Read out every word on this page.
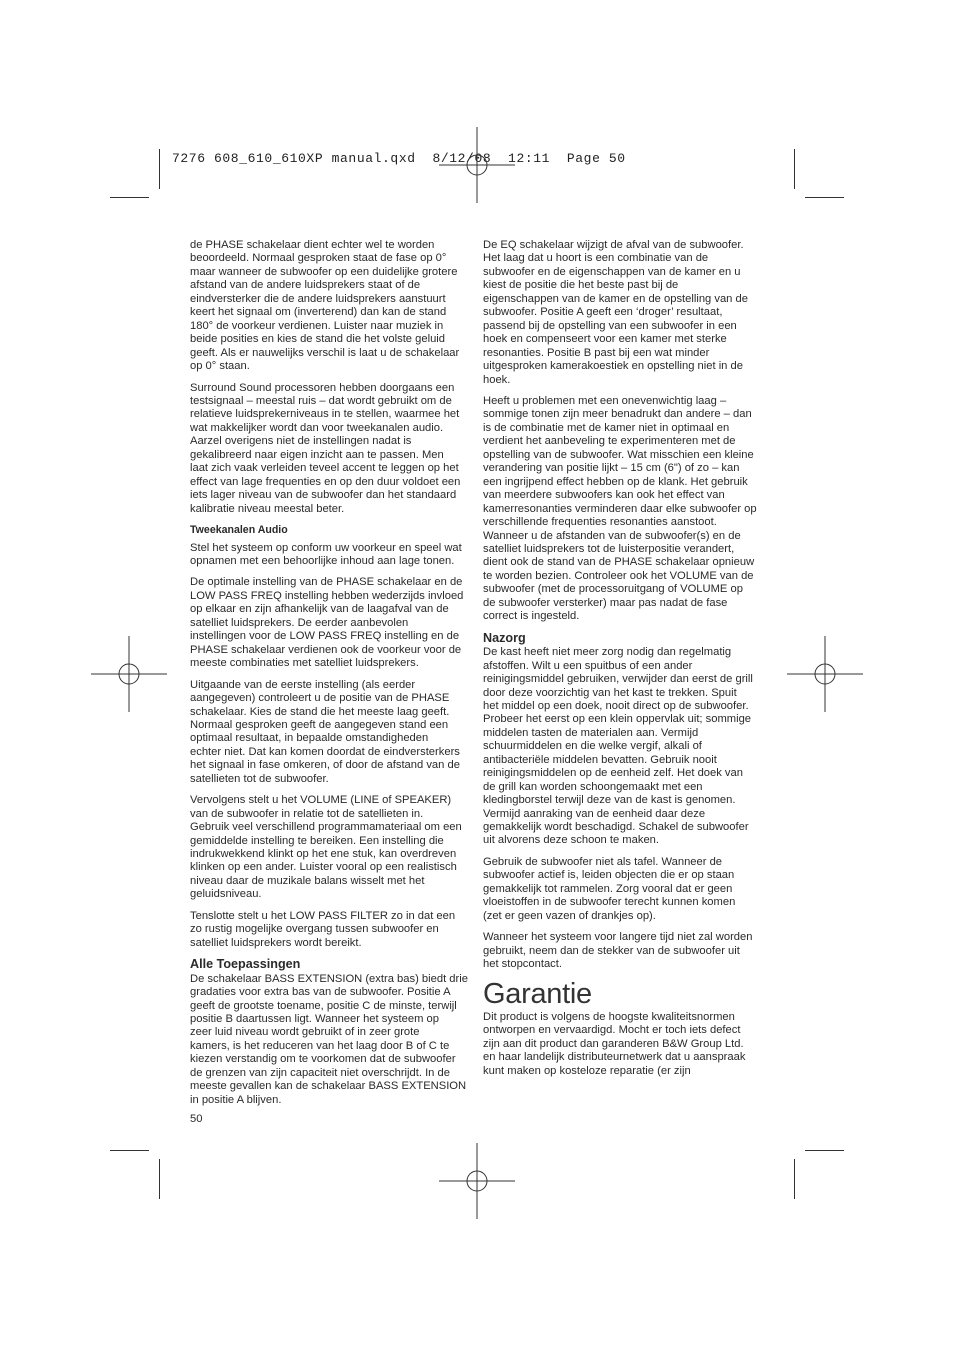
7276 608_610_610XP manual.qxd  8/12/08  12:11  Page 50

de PHASE schakelaar dient echter wel te worden
beoordeeld. Normaal gesproken staat de fase op 0°
maar wanneer de subwoofer op een duidelijke grotere
afstand van de andere luidsprekers staat of de
eindversterker die de andere luidsprekers aanstuurt
keert het signaal om (inverterend) dan kan de stand
180° de voorkeur verdienen. Luister naar muziek in
beide posities en kies de stand die het volste geluid
geeft. Als er nauwelijks verschil is laat u de schakelaar
op 0° staan.

Surround Sound processoren hebben doorgaans een
testsignaal – meestal ruis – dat wordt gebruikt om de
relatieve luidsprekerniveaus in te stellen, waarmee het
wat makkelijker wordt dan voor tweekanalen audio.
Aarzel overigens niet de instellingen nadat is
gekalibreerd naar eigen inzicht aan te passen. Men
laat zich vaak verleiden teveel accent te leggen op het
effect van lage frequenties en op den duur voldoet een
iets lager niveau van de subwoofer dan het standaard
kalibratie niveau meestal beter.

Tweekanalen Audio

Stel het systeem op conform uw voorkeur en speel wat
opnamen met een behoorlijke inhoud aan lage tonen.

De optimale instelling van de PHASE schakelaar en de
LOW PASS FREQ instelling hebben wederzijds invloed
op elkaar en zijn afhankelijk van de laagafval van de
satelliet luidsprekers. De eerder aanbevolen
instellingen voor de LOW PASS FREQ instelling en de
PHASE schakelaar verdienen ook de voorkeur voor de
meeste combinaties met satelliet luidsprekers.

Uitgaande van de eerste instelling (als eerder
aangegeven) controleert u de positie van de PHASE
schakelaar. Kies de stand die het meeste laag geeft.
Normaal gesproken geeft de aangegeven stand een
optimaal resultaat, in bepaalde omstandigheden
echter niet. Dat kan komen doordat de eindversterkers
het signaal in fase omkeren, of door de afstand van de
satellieten tot de subwoofer.

Vervolgens stelt u het VOLUME (LINE of SPEAKER)
van de subwoofer in relatie tot de satellieten in.
Gebruik veel verschillend programmamateriaal om een
gemiddelde instelling te bereiken. Een instelling die
indrukwekkend klinkt op het ene stuk, kan overdreven
klinken op een ander. Luister vooral op een realistisch
niveau daar de muzikale balans wisselt met het
geluidsniveau.

Tenslotte stelt u het LOW PASS FILTER zo in dat een
zo rustig mogelijke overgang tussen subwoofer en
satelliet luidsprekers wordt bereikt.

Alle Toepassingen

De schakelaar BASS EXTENSION (extra bas) biedt drie
gradaties voor extra bas van de subwoofer. Positie A
geeft de grootste toename, positie C de minste, terwijl
positie B daartussen ligt. Wanneer het systeem op
zeer luid niveau wordt gebruikt of in zeer grote
kamers, is het reduceren van het laag door B of C te
kiezen verstandig om te voorkomen dat de subwoofer
de grenzen van zijn capaciteit niet overschrijdt. In de
meeste gevallen kan de schakelaar BASS EXTENSION
in positie A blijven.

De EQ schakelaar wijzigt de afval van de subwoofer.
Het laag dat u hoort is een combinatie van de
subwoofer en de eigenschappen van de kamer en u
kiest de positie die het beste past bij de
eigenschappen van de kamer en de opstelling van de
subwoofer. Positie A geeft een ‘droger’ resultaat,
passend bij de opstelling van een subwoofer in een
hoek en compenseert voor een kamer met sterke
resonanties. Positie B past bij een wat minder
uitgesproken kamerakoestiek en opstelling niet in de
hoek.

Heeft u problemen met een onevenwichtig laag –
sommige tonen zijn meer benadrukt dan andere – dan
is de combinatie met de kamer niet in optimaal en
verdient het aanbeveling te experimenteren met de
opstelling van de subwoofer. Wat misschien een kleine
verandering van positie lijkt – 15 cm (6") of zo – kan
een ingrijpend effect hebben op de klank. Het gebruik
van meerdere subwoofers kan ook het effect van
kamerresonanties verminderen daar elke subwoofer op
verschillende frequenties resonanties aanstoot.
Wanneer u de afstanden van de subwoofer(s) en de
satelliet luidsprekers tot de luisterpositie verandert,
dient ook de stand van de PHASE schakelaar opnieuw
te worden bezien. Controleer ook het VOLUME van de
subwoofer (met de processoruitgang of VOLUME op
de subwoofer versterker) maar pas nadat de fase
correct is ingesteld.

Nazorg

De kast heeft niet meer zorg nodig dan regelmatig
afstoffen. Wilt u een spuitbus of een ander
reinigingsmiddel gebruiken, verwijder dan eerst de grill
door deze voorzichtig van het kast te trekken. Spuit
het middel op een doek, nooit direct op de subwoofer.
Probeer het eerst op een klein oppervlak uit; sommige
middelen tasten de materialen aan. Vermijd
schuurmiddelen en die welke vergif, alkali of
antibacteriële middelen bevatten. Gebruik nooit
reinigingsmiddelen op de eenheid zelf. Het doek van
de grill kan worden schoongemaakt met een
kledingborstel terwijl deze van de kast is genomen.
Vermijd aanraking van de eenheid daar deze
gemakkelijk wordt beschadigd. Schakel de subwoofer
uit alvorens deze schoon te maken.

Gebruik de subwoofer niet als tafel. Wanneer de
subwoofer actief is, leiden objecten die er op staan
gemakkelijk tot rammelen. Zorg vooral dat er geen
vloeistoffen in de subwoofer terecht kunnen komen
(zet er geen vazen of drankjes op).

Wanneer het systeem voor langere tijd niet zal worden
gebruikt, neem dan de stekker van de subwoofer uit
het stopcontact.

Garantie

Dit product is volgens de hoogste kwaliteitsnormen
ontworpen en vervaardigd. Mocht er toch iets defect
zijn aan dit product dan garanderen B&W Group Ltd.
en haar landelijk distributeurnetwerk dat u aanspraak
kunt maken op kosteloze reparatie (er zijn

50
